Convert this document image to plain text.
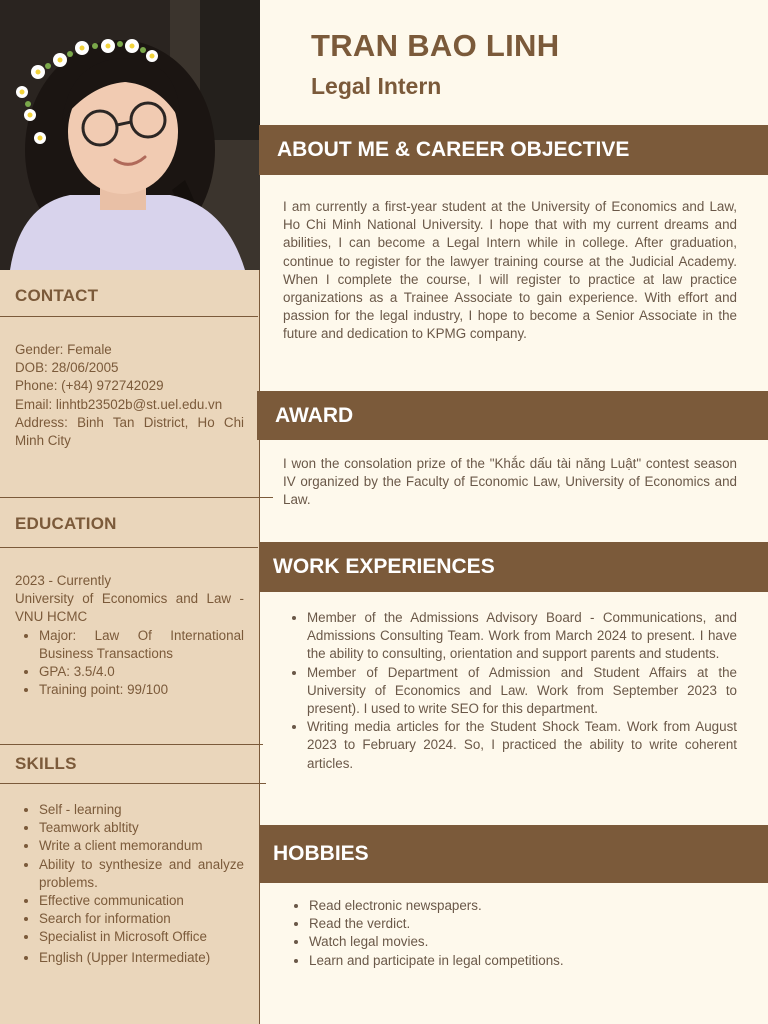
CONTACT
Gender: Female
DOB: 28/06/2005
Phone: (+84) 972742029
Email: linhtb23502b@st.uel.edu.vn
Address: Binh Tan District, Ho Chi Minh City
EDUCATION
2023 - Currently
University of Economics and Law - VNU HCMC
• Major: Law Of International Business Transactions
• GPA: 3.5/4.0
• Training point: 99/100
SKILLS
• Self - learning
• Teamwork abltity
• Write a client memorandum
• Ability to synthesize and analyze problems.
• Effective communication
• Search for information
• Specialist in Microsoft Office
• English (Upper Intermediate)
TRAN BAO LINH
Legal Intern
ABOUT ME & CAREER OBJECTIVE
I am currently a first-year student at the University of Economics and Law, Ho Chi Minh National University. I hope that with my current dreams and abilities, I can become a Legal Intern while in college. After graduation, continue to register for the lawyer training course at the Judicial Academy. When I complete the course, I will register to practice at law practice organizations as a Trainee Associate to gain experience. With effort and passion for the legal industry, I hope to become a Senior Associate in the future and dedication to KPMG company.
AWARD
I won the consolation prize of the "Khắc dấu tài năng Luật" contest season IV organized by the Faculty of Economic Law, University of Economics and Law.
WORK EXPERIENCES
• Member of the Admissions Advisory Board - Communications, and Admissions Consulting Team. Work from March 2024 to present. I have the ability to consulting, orientation and support parents and students.
• Member of Department of Admission and Student Affairs at the University of Economics and Law. Work from September 2023 to present). I used to write SEO for this department.
• Writing media articles for the Student Shock Team. Work from August 2023 to February 2024. So, I practiced the ability to write coherent articles.
HOBBIES
• Read electronic newspapers.
• Read the verdict.
• Watch legal movies.
• Learn and participate in legal competitions.
